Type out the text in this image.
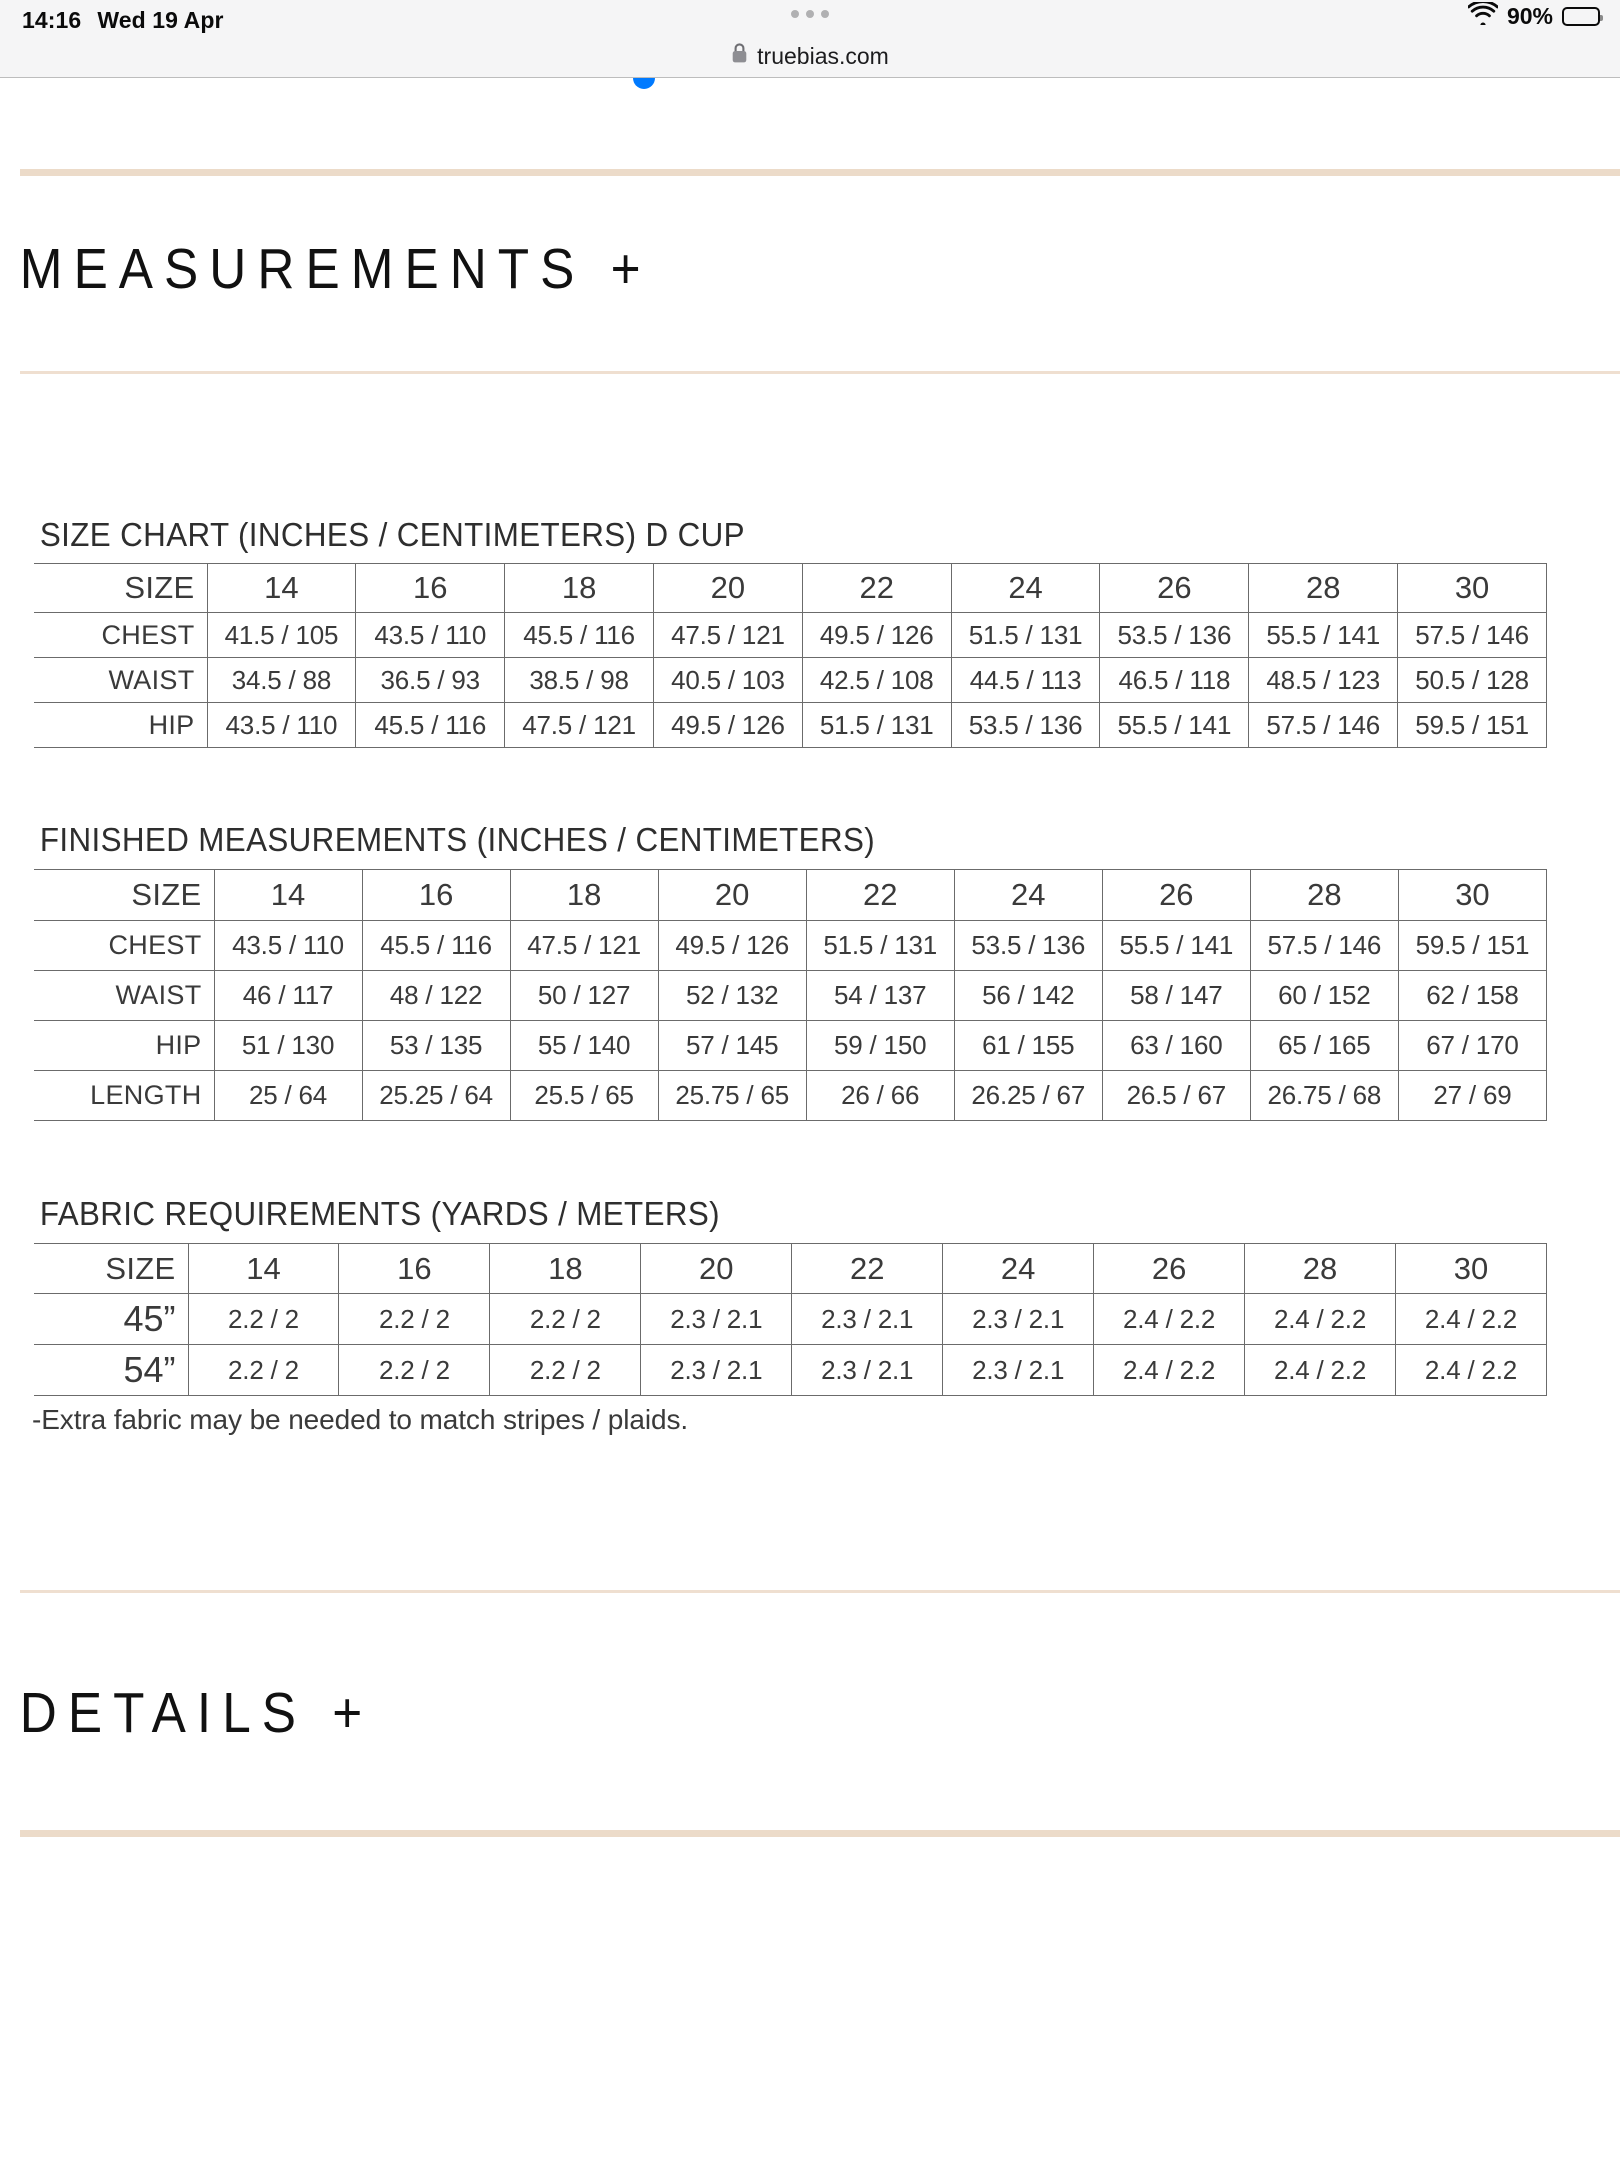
14:16 Wed 19 Apr	90%
truebias.com
MEASUREMENTS +
SIZE CHART (INCHES / CENTIMETERS) D CUP
SIZE	14	16	18	20	22	24	26	28	30
CHEST	41.5 / 105	43.5 / 110	45.5 / 116	47.5 / 121	49.5 / 126	51.5 / 131	53.5 / 136	55.5 / 141	57.5 / 146
WAIST	34.5 / 88	36.5 / 93	38.5 / 98	40.5 / 103	42.5 / 108	44.5 / 113	46.5 / 118	48.5 / 123	50.5 / 128
HIP	43.5 / 110	45.5 / 116	47.5 / 121	49.5 / 126	51.5 / 131	53.5 / 136	55.5 / 141	57.5 / 146	59.5 / 151
FINISHED MEASUREMENTS (INCHES / CENTIMETERS)
SIZE	14	16	18	20	22	24	26	28	30
CHEST	43.5 / 110	45.5 / 116	47.5 / 121	49.5 / 126	51.5 / 131	53.5 / 136	55.5 / 141	57.5 / 146	59.5 / 151
WAIST	46 / 117	48 / 122	50 / 127	52 / 132	54 / 137	56 / 142	58 / 147	60 / 152	62 / 158
HIP	51 / 130	53 / 135	55 / 140	57 / 145	59 / 150	61 / 155	63 / 160	65 / 165	67 / 170
LENGTH	25 / 64	25.25 / 64	25.5 / 65	25.75 / 65	26 / 66	26.25 / 67	26.5 / 67	26.75 / 68	27 / 69
FABRIC REQUIREMENTS (YARDS / METERS)
SIZE	14	16	18	20	22	24	26	28	30
45”	2.2 / 2	2.2 / 2	2.2 / 2	2.3 / 2.1	2.3 / 2.1	2.3 / 2.1	2.4 / 2.2	2.4 / 2.2	2.4 / 2.2
54”	2.2 / 2	2.2 / 2	2.2 / 2	2.3 / 2.1	2.3 / 2.1	2.3 / 2.1	2.4 / 2.2	2.4 / 2.2	2.4 / 2.2
-Extra fabric may be needed to match stripes / plaids.
DETAILS +
